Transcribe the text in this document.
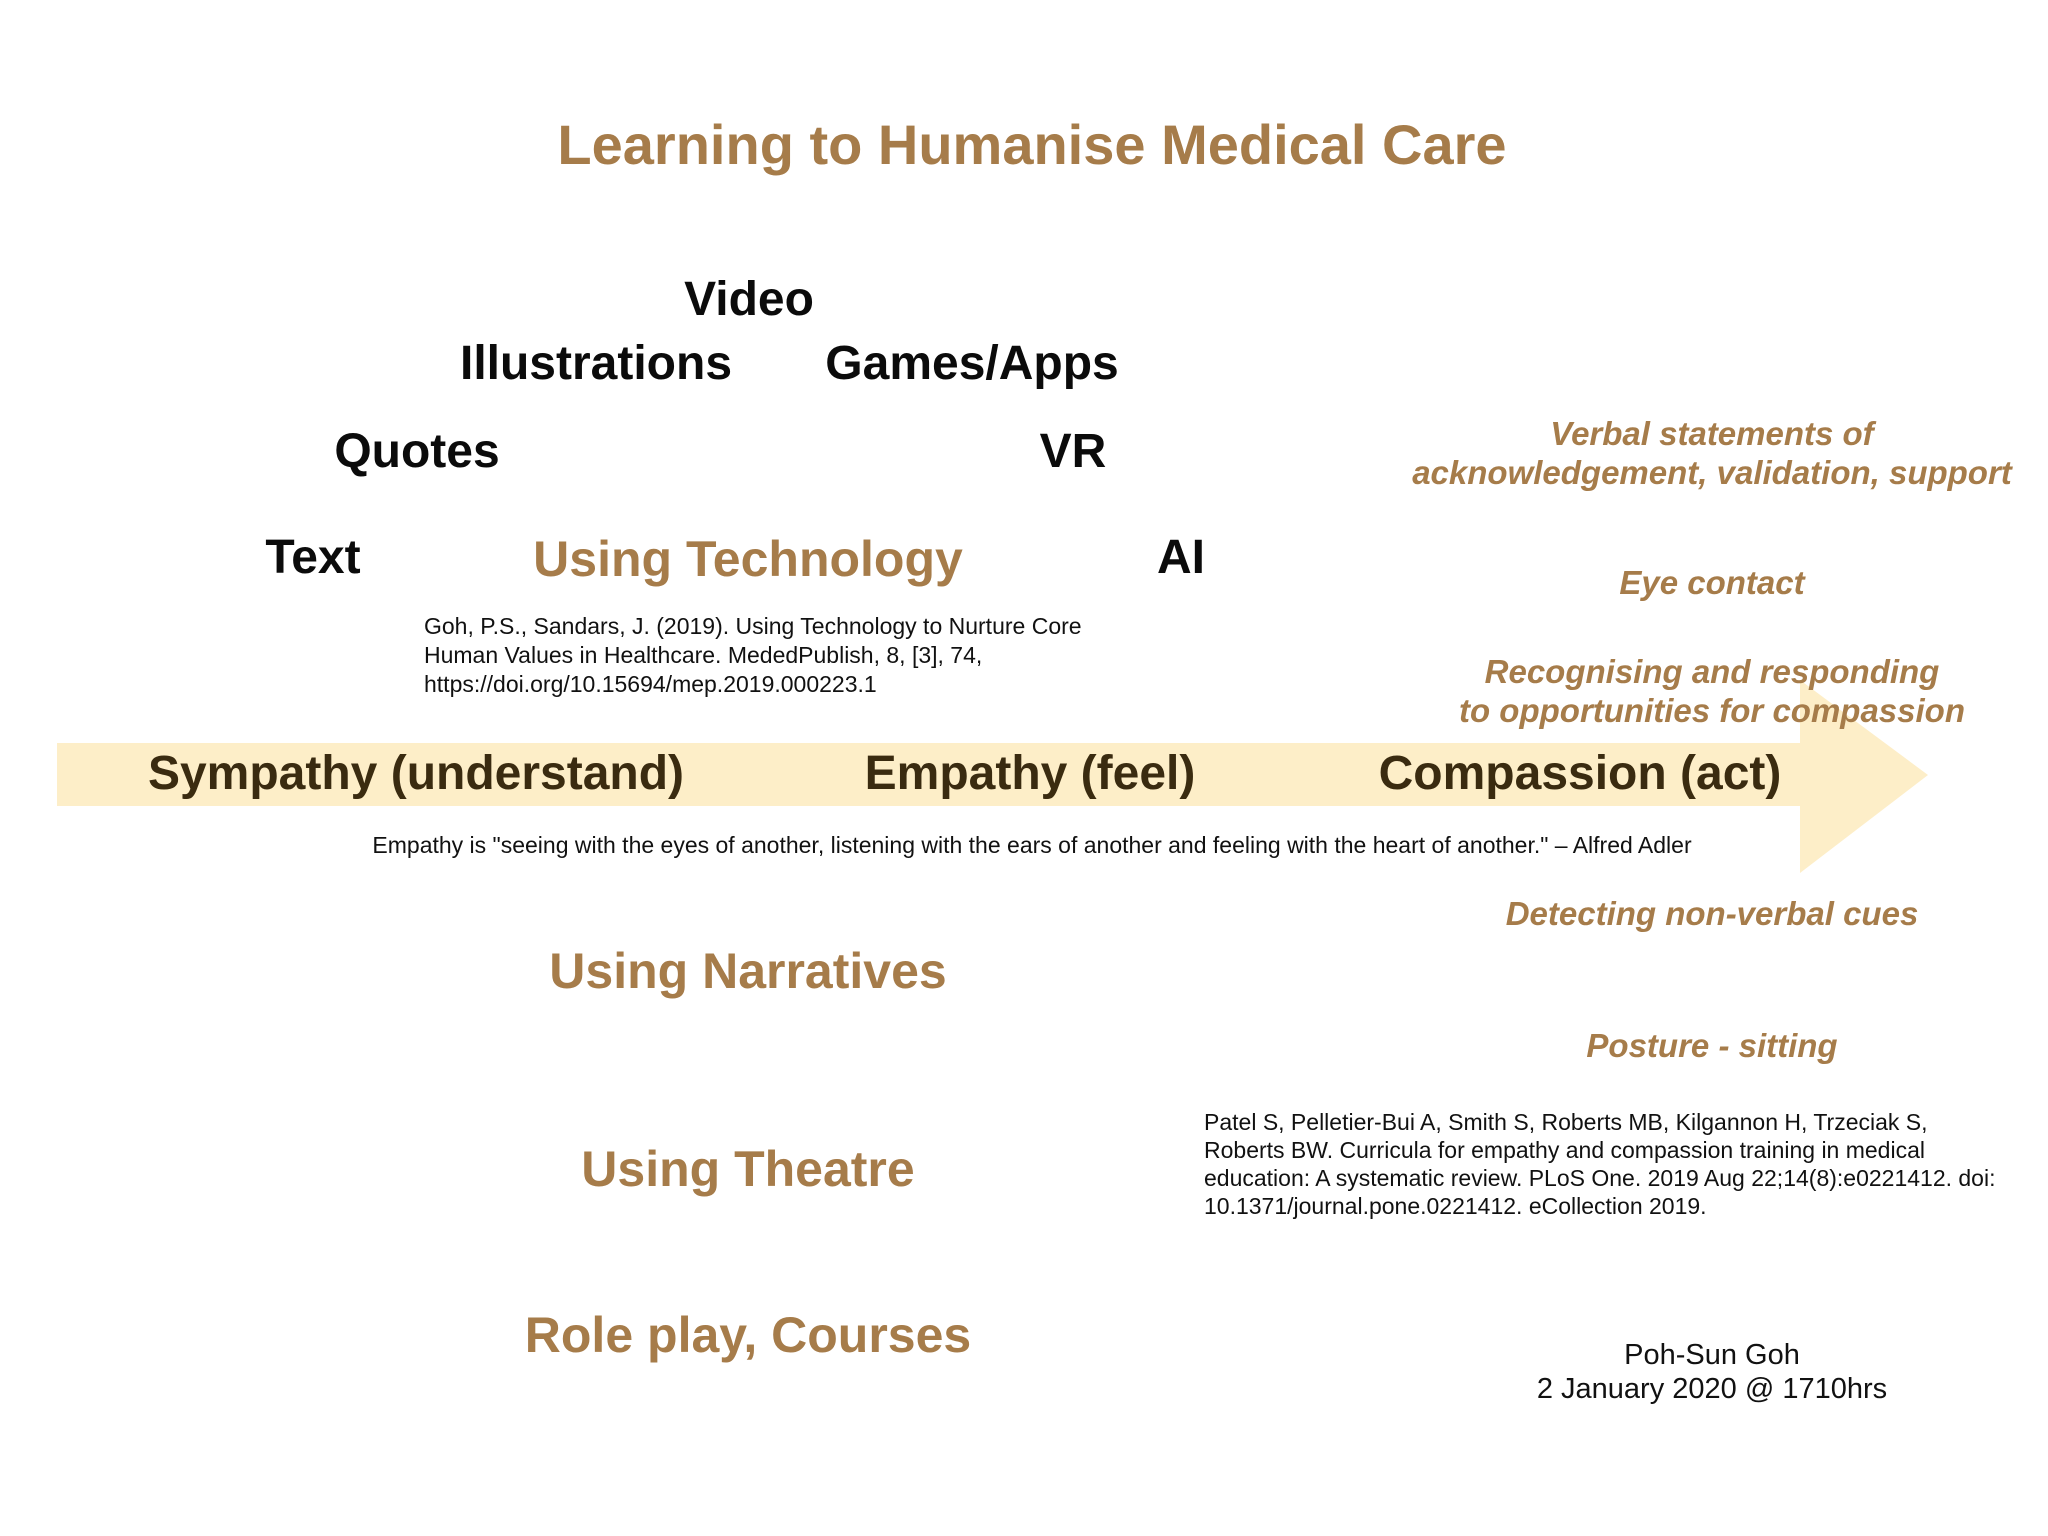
Learning to Humanise Medical Care
Video
Illustrations Games/Apps
Quotes	VR
Text	AI
Using Technology
Goh, P.S., Sandars, J. (2019). Using Technology to Nurture Core Human Values in Healthcare. MededPublish, 8, [3], 74, https://doi.org/10.15694/mep.2019.000223.1
Sympathy (understand)	Empathy (feel)	Compassion (act)
Empathy is "seeing with the eyes of another, listening with the ears of another and feeling with the heart of another." – Alfred Adler
Using Narratives
Using Theatre
Role play, Courses
Verbal statements of
acknowledgement, validation, support
Eye contact
Recognising and responding
to opportunities for compassion
Detecting non-verbal cues
Posture - sitting
Patel S, Pelletier-Bui A, Smith S, Roberts MB, Kilgannon H, Trzeciak S, Roberts BW. Curricula for empathy and compassion training in medical education: A systematic review. PLoS One. 2019 Aug 22;14(8):e0221412. doi: 10.1371/journal.pone.0221412. eCollection 2019.
Poh-Sun Goh
2 January 2020 @ 1710hrs
